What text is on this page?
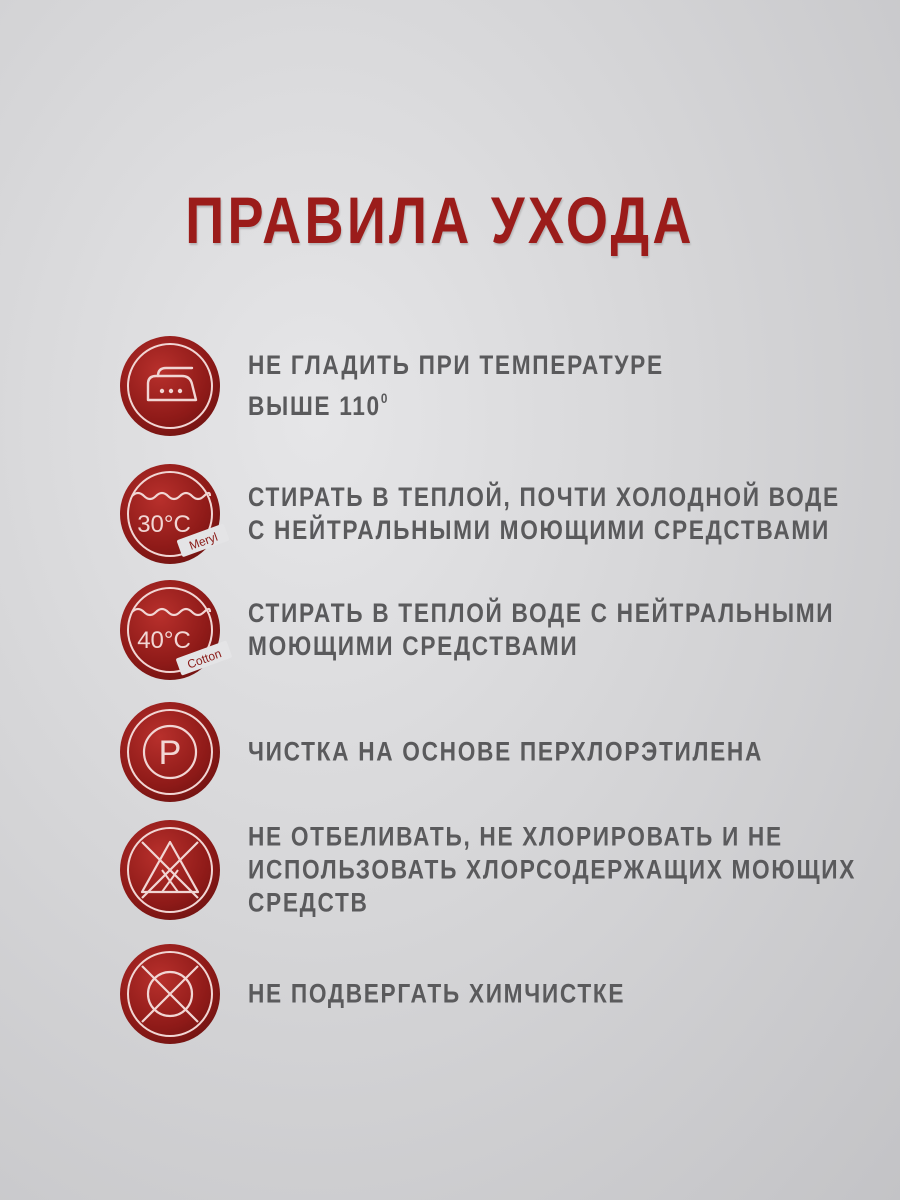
ПРАВИЛА УХОДА
НЕ ГЛАДИТЬ ПРИ ТЕМПЕРАТУРЕ
ВЫШЕ $110^0$
30°C
Meryl
СТИРАТЬ В ТЕПЛОЙ, ПОЧТИ ХОЛОДНОЙ ВОДЕ
С НЕЙТРАЛЬНЫМИ МОЮЩИМИ СРЕДСТВАМИ
40°C
Cotton
СТИРАТЬ В ТЕПЛОЙ ВОДЕ С НЕЙТРАЛЬНЫМИ
МОЮЩИМИ СРЕДСТВАМИ
P ЧИСТКА НА ОСНОВЕ ПЕРХЛОРЭТИЛЕНА
НЕ ОТБЕЛИВАТЬ, НЕ ХЛОРИРОВАТЬ И НЕ
ИСПОЛЬЗОВАТЬ ХЛОРСОДЕРЖАЩИХ МОЮЩИХ
СРЕДСТВ
НЕ ПОДВЕРГАТЬ ХИМЧИСТКЕ
